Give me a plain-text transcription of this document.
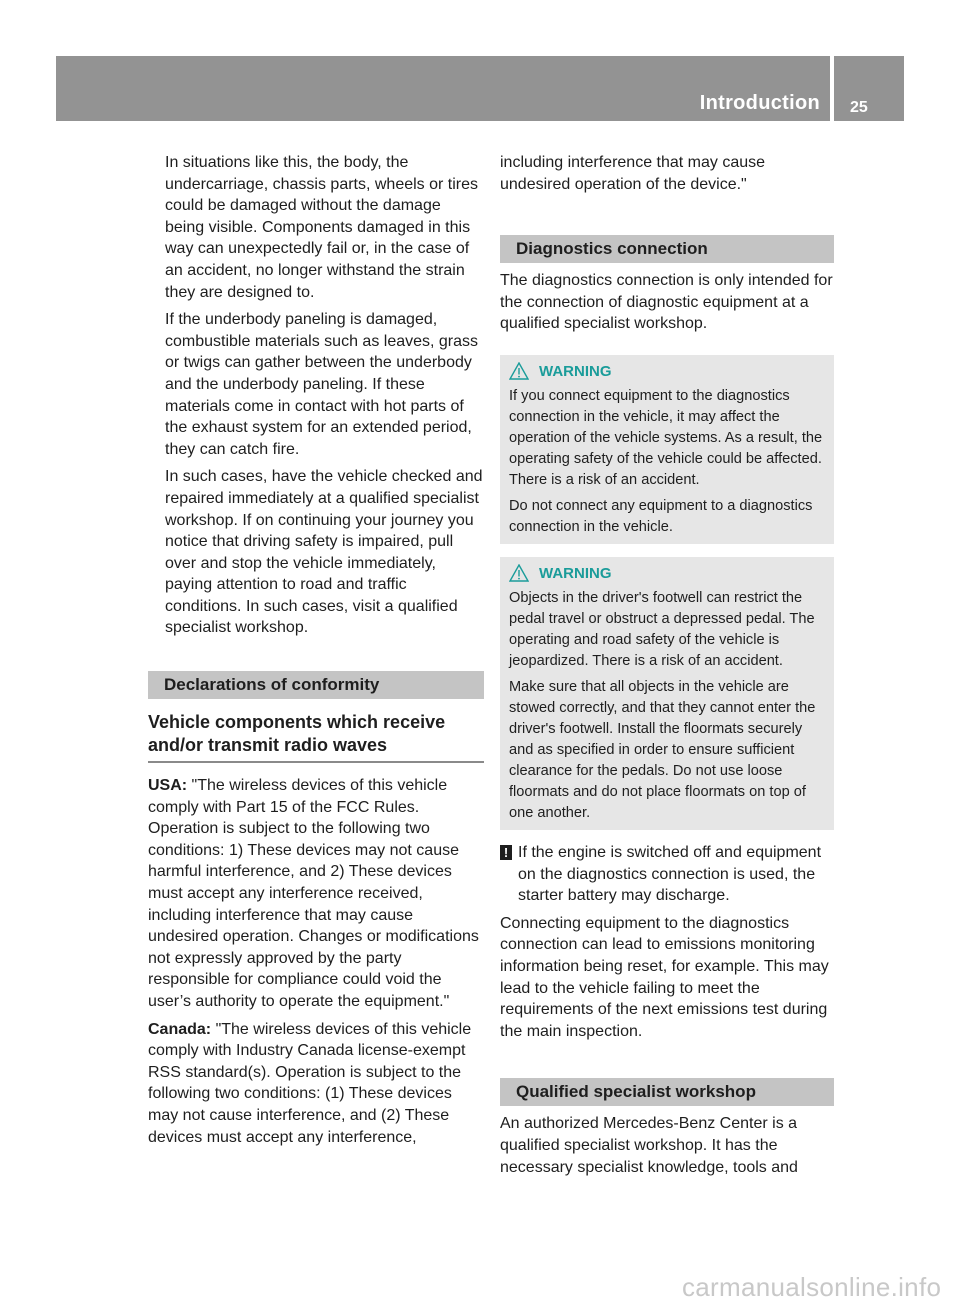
Introduction 25

In situations like this, the body, the undercarriage, chassis parts, wheels or tires could be damaged without the damage being visible. Components damaged in this way can unexpectedly fail or, in the case of an accident, no longer withstand the strain they are designed to.

If the underbody paneling is damaged, combustible materials such as leaves, grass or twigs can gather between the underbody and the underbody paneling. If these materials come in contact with hot parts of the exhaust system for an extended period, they can catch fire.

In such cases, have the vehicle checked and repaired immediately at a qualified specialist workshop. If on continuing your journey you notice that driving safety is impaired, pull over and stop the vehicle immediately, paying attention to road and traffic conditions. In such cases, visit a qualified specialist workshop.

Declarations of conformity
Vehicle components which receive and/or transmit radio waves

USA: "The wireless devices of this vehicle comply with Part 15 of the FCC Rules. Operation is subject to the following two conditions: 1) These devices may not cause harmful interference, and 2) These devices must accept any interference received, including interference that may cause undesired operation. Changes or modifications not expressly approved by the party responsible for compliance could void the user’s authority to operate the equipment."

Canada: "The wireless devices of this vehicle comply with Industry Canada license-exempt RSS standard(s). Operation is subject to the following two conditions: (1) These devices may not cause interference, and (2) These devices must accept any interference,

including interference that may cause undesired operation of the device."

Diagnostics connection

The diagnostics connection is only intended for the connection of diagnostic equipment at a qualified specialist workshop.

WARNING

If you connect equipment to the diagnostics connection in the vehicle, it may affect the operation of the vehicle systems. As a result, the operating safety of the vehicle could be affected. There is a risk of an accident.

Do not connect any equipment to a diagnostics connection in the vehicle.

WARNING

Objects in the driver's footwell can restrict the pedal travel or obstruct a depressed pedal. The operating and road safety of the vehicle is jeopardized. There is a risk of an accident.

Make sure that all objects in the vehicle are stowed correctly, and that they cannot enter the driver's footwell. Install the floormats securely and as specified in order to ensure sufficient clearance for the pedals. Do not use loose floormats and do not place floormats on top of one another.

! If the engine is switched off and equipment on the diagnostics connection is used, the starter battery may discharge.

Connecting equipment to the diagnostics connection can lead to emissions monitoring information being reset, for example. This may lead to the vehicle failing to meet the requirements of the next emissions test during the main inspection.

Qualified specialist workshop

An authorized Mercedes-Benz Center is a qualified specialist workshop. It has the necessary specialist knowledge, tools and

carmanualsonline.info
